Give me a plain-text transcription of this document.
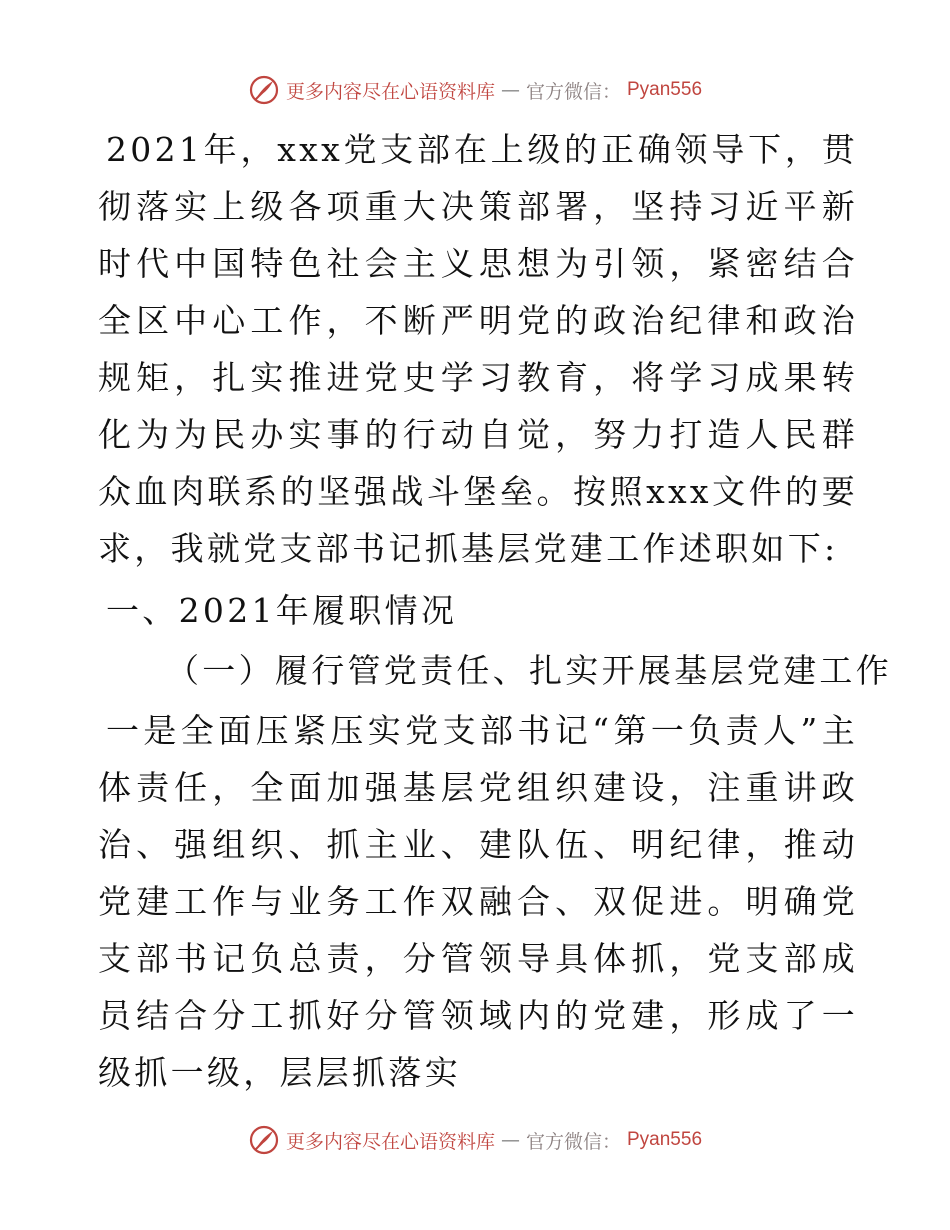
更多内容尽在心语资料库 — 官方微信： Pyan556

2021年，xxx党支部在上级的正确领导下，贯彻落实上级各项重大决策部署，坚持习近平新时代中国特色社会主义思想为引领，紧密结合全区中心工作，不断严明党的政治纪律和政治规矩，扎实推进党史学习教育，将学习成果转化为为民办实事的行动自觉，努力打造人民群众血肉联系的坚强战斗堡垒。按照xxx文件的要求，我就党支部书记抓基层党建工作述职如下:

一、2021年履职情况

（一）履行管党责任、扎实开展基层党建工作

一是全面压紧压实党支部书记“第一负责人”主体责任，全面加强基层党组织建设，注重讲政治、强组织、抓主业、建队伍、明纪律，推动党建工作与业务工作双融合、双促进。明确党支部书记负总责，分管领导具体抓，党支部成员结合分工抓好分管领域内的党建，形成了一级抓一级，层层抓落实

更多内容尽在心语资料库 — 官方微信： Pyan556
